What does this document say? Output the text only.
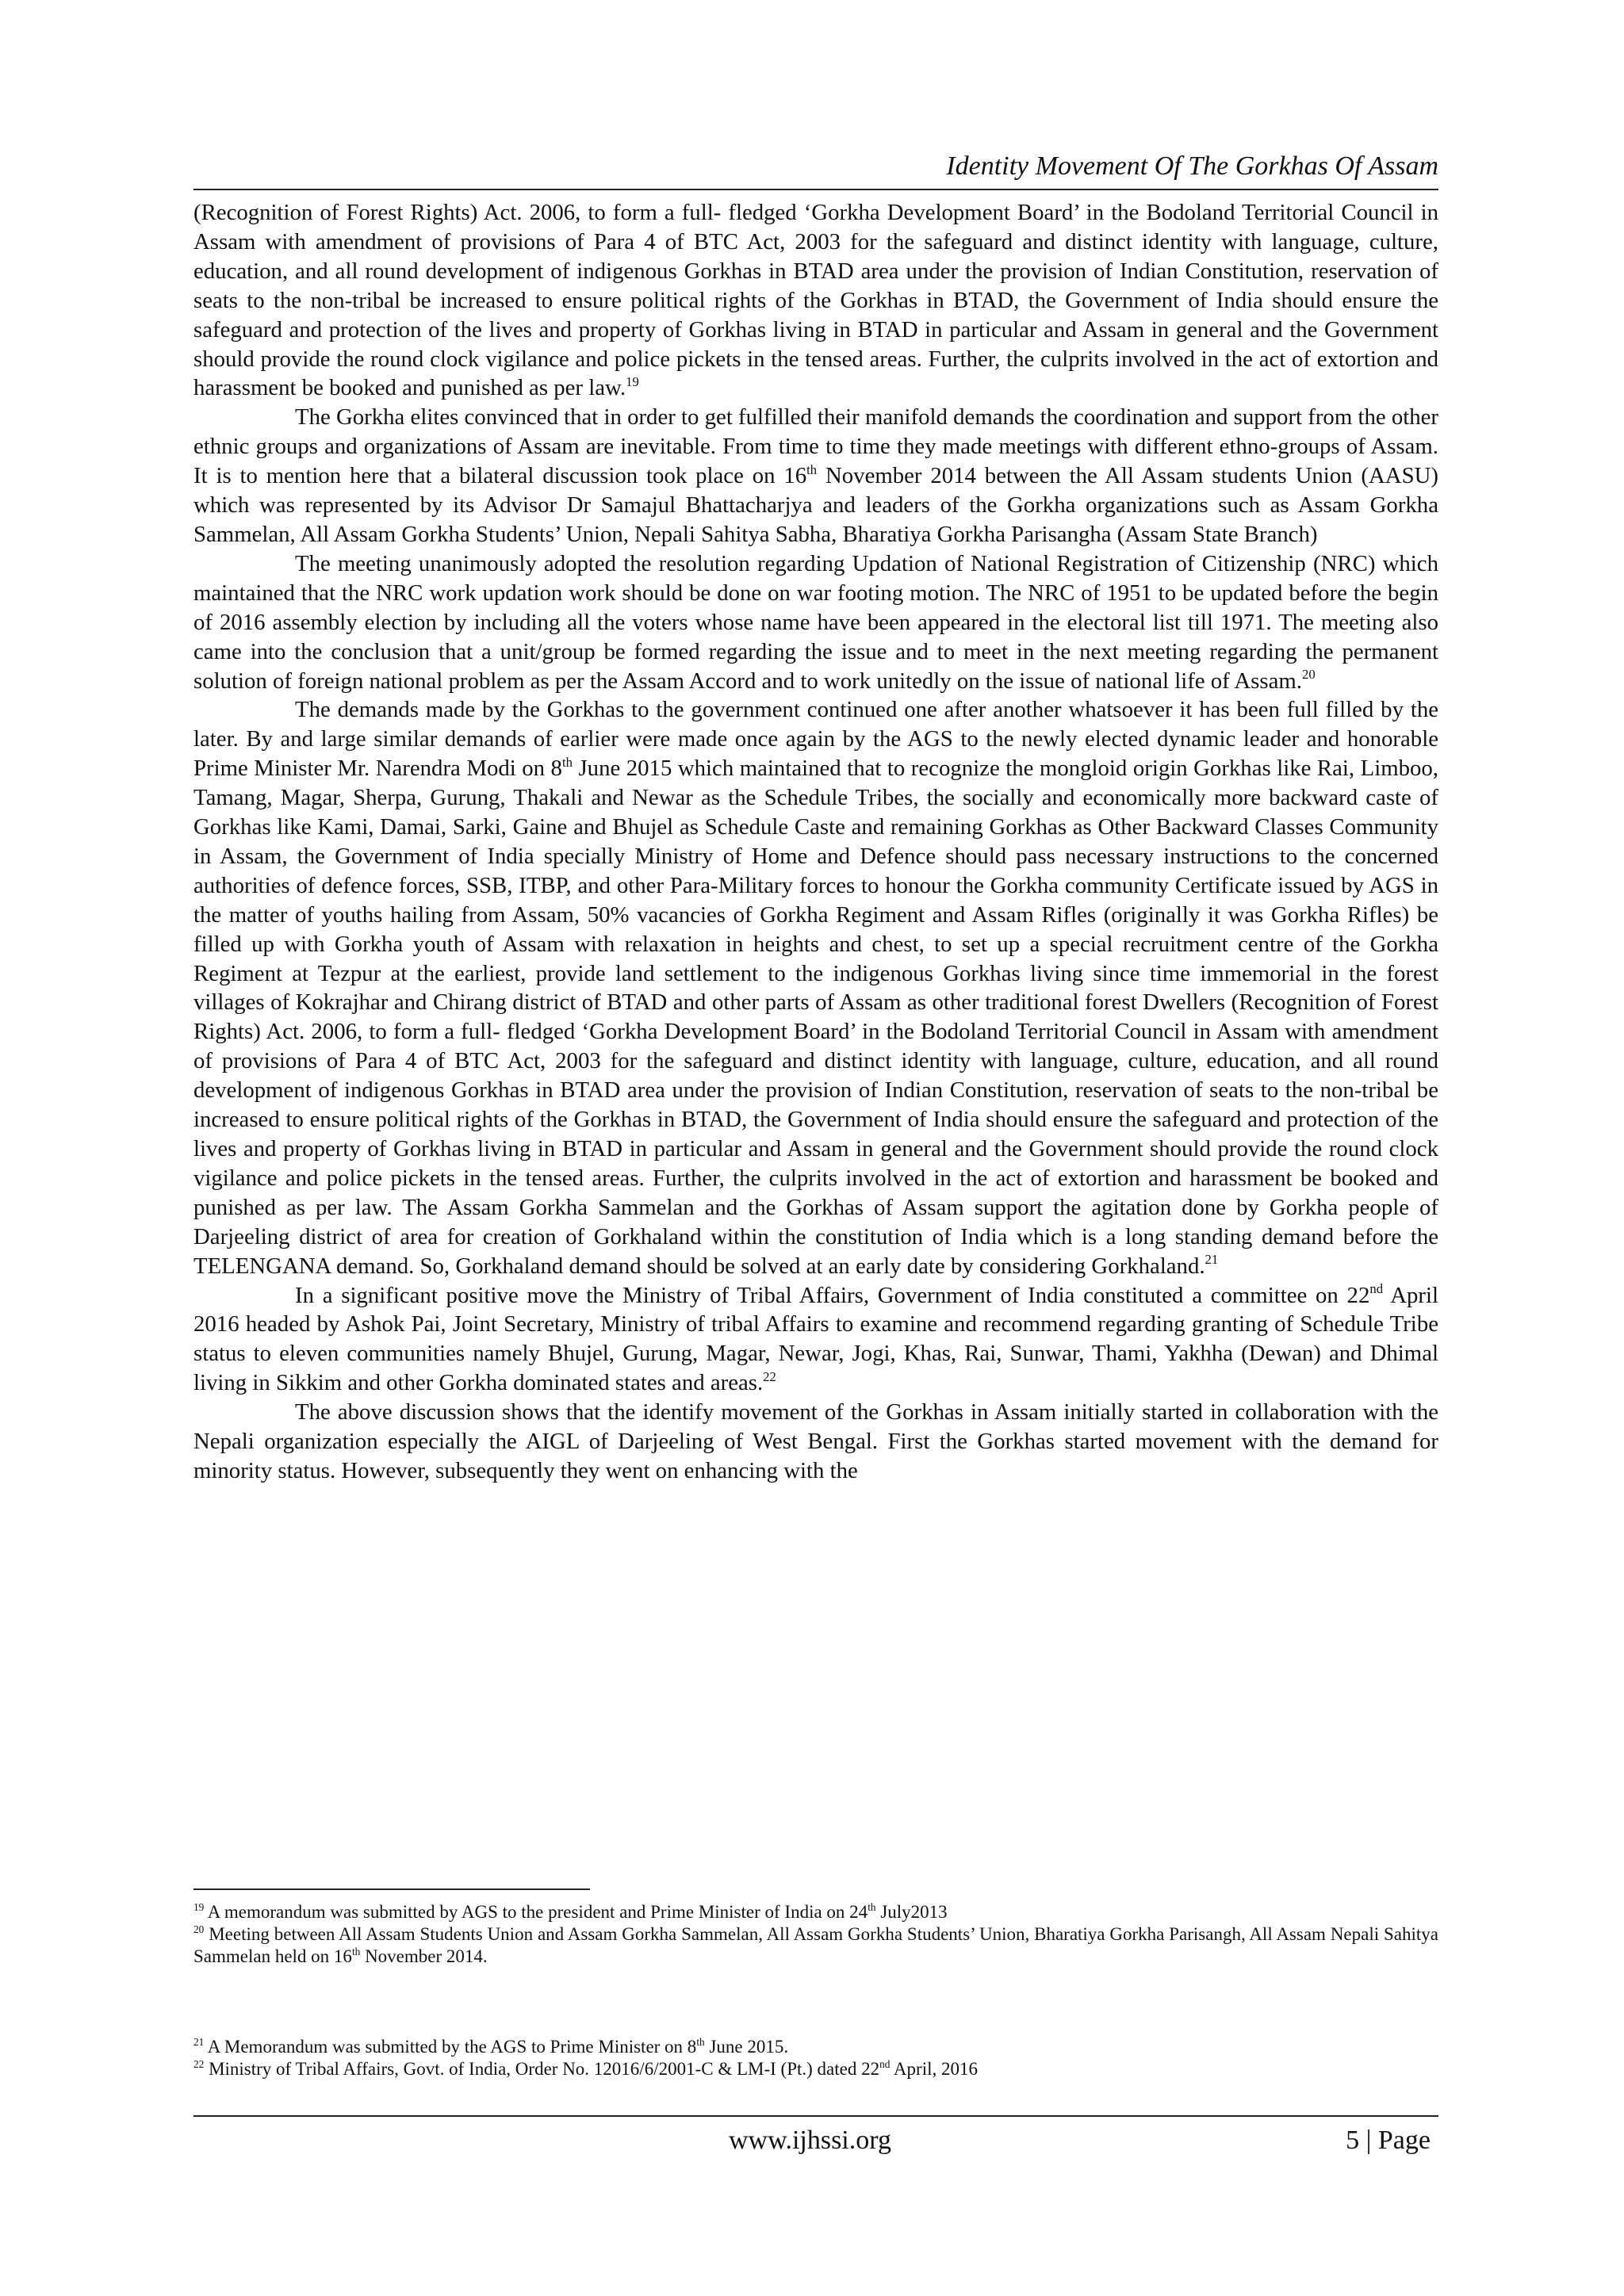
Identity Movement Of The Gorkhas Of Assam

(Recognition of Forest Rights) Act. 2006, to form a full- fledged ‘Gorkha Development Board’ in the Bodoland Territorial Council in Assam with amendment of provisions of Para 4 of BTC Act, 2003 for the safeguard and distinct identity with language, culture, education, and all round development of indigenous Gorkhas in BTAD area under the provision of Indian Constitution, reservation of seats to the non-tribal be increased to ensure political rights of the Gorkhas in BTAD, the Government of India should ensure the safeguard and protection of the lives and property of Gorkhas living in BTAD in particular and Assam in general and the Government should provide the round clock vigilance and police pickets in the tensed areas. Further, the culprits involved in the act of extortion and harassment be booked and punished as per law.$^{19}$

The Gorkha elites convinced that in order to get fulfilled their manifold demands the coordination and support from the other ethnic groups and organizations of Assam are inevitable. From time to time they made meetings with different ethno-groups of Assam. It is to mention here that a bilateral discussion took place on 16th November 2014 between the All Assam students Union (AASU) which was represented by its Advisor Dr Samajul Bhattacharjya and leaders of the Gorkha organizations such as Assam Gorkha Sammelan, All Assam Gorkha Students’ Union, Nepali Sahitya Sabha, Bharatiya Gorkha Parisangha (Assam State Branch)

The meeting unanimously adopted the resolution regarding Updation of National Registration of Citizenship (NRC) which maintained that the NRC work updation work should be done on war footing motion. The NRC of 1951 to be updated before the begin of 2016 assembly election by including all the voters whose name have been appeared in the electoral list till 1971. The meeting also came into the conclusion that a unit/group be formed regarding the issue and to meet in the next meeting regarding the permanent solution of foreign national problem as per the Assam Accord and to work unitedly on the issue of national life of Assam.$^{20}$

The demands made by the Gorkhas to the government continued one after another whatsoever it has been full filled by the later. By and large similar demands of earlier were made once again by the AGS to the newly elected dynamic leader and honorable Prime Minister Mr. Narendra Modi on 8th June 2015 which maintained that to recognize the mongloid origin Gorkhas like Rai, Limboo, Tamang, Magar, Sherpa, Gurung, Thakali and Newar as the Schedule Tribes, the socially and economically more backward caste of Gorkhas like Kami, Damai, Sarki, Gaine and Bhujel as Schedule Caste and remaining Gorkhas as Other Backward Classes Community in Assam, the Government of India specially Ministry of Home and Defence should pass necessary instructions to the concerned authorities of defence forces, SSB, ITBP, and other Para-Military forces to honour the Gorkha community Certificate issued by AGS in the matter of youths hailing from Assam, 50% vacancies of Gorkha Regiment and Assam Rifles (originally it was Gorkha Rifles) be filled up with Gorkha youth of Assam with relaxation in heights and chest, to set up a special recruitment centre of the Gorkha Regiment at Tezpur at the earliest, provide land settlement to the indigenous Gorkhas living since time immemorial in the forest villages of Kokrajhar and Chirang district of BTAD and other parts of Assam as other traditional forest Dwellers (Recognition of Forest Rights) Act. 2006, to form a full- fledged ‘Gorkha Development Board’ in the Bodoland Territorial Council in Assam with amendment of provisions of Para 4 of BTC Act, 2003 for the safeguard and distinct identity with language, culture, education, and all round development of indigenous Gorkhas in BTAD area under the provision of Indian Constitution, reservation of seats to the non-tribal be increased to ensure political rights of the Gorkhas in BTAD, the Government of India should ensure the safeguard and protection of the lives and property of Gorkhas living in BTAD in particular and Assam in general and the Government should provide the round clock vigilance and police pickets in the tensed areas. Further, the culprits involved in the act of extortion and harassment be booked and punished as per law. The Assam Gorkha Sammelan and the Gorkhas of Assam support the agitation done by Gorkha people of Darjeeling district of area for creation of Gorkhaland within the constitution of India which is a long standing demand before the TELENGANA demand. So, Gorkhaland demand should be solved at an early date by considering Gorkhaland.$^{21}$

In a significant positive move the Ministry of Tribal Affairs, Government of India constituted a committee on 22nd April 2016 headed by Ashok Pai, Joint Secretary, Ministry of tribal Affairs to examine and recommend regarding granting of Schedule Tribe status to eleven communities namely Bhujel, Gurung, Magar, Newar, Jogi, Khas, Rai, Sunwar, Thami, Yakhha (Dewan) and Dhimal living in Sikkim and other Gorkha dominated states and areas.$^{22}$

The above discussion shows that the identify movement of the Gorkhas in Assam initially started in collaboration with the Nepali organization especially the AIGL of Darjeeling of West Bengal. First the Gorkhas started movement with the demand for minority status. However, subsequently they went on enhancing with the

$^{19}$ A memorandum was submitted by AGS to the president and Prime Minister of India on 24th July2013

$^{20}$ Meeting between All Assam Students Union and Assam Gorkha Sammelan, All Assam Gorkha Students’ Union, Bharatiya Gorkha Parisangh, All Assam Nepali Sahitya Sammelan held on 16th November 2014.

$^{21}$ A Memorandum was submitted by the AGS to Prime Minister on 8th June 2015.

$^{22}$ Ministry of Tribal Affairs, Govt. of India, Order No. 12016/6/2001-C & LM-I (Pt.) dated 22nd April, 2016

www.ijhssi.org	5 | Page
